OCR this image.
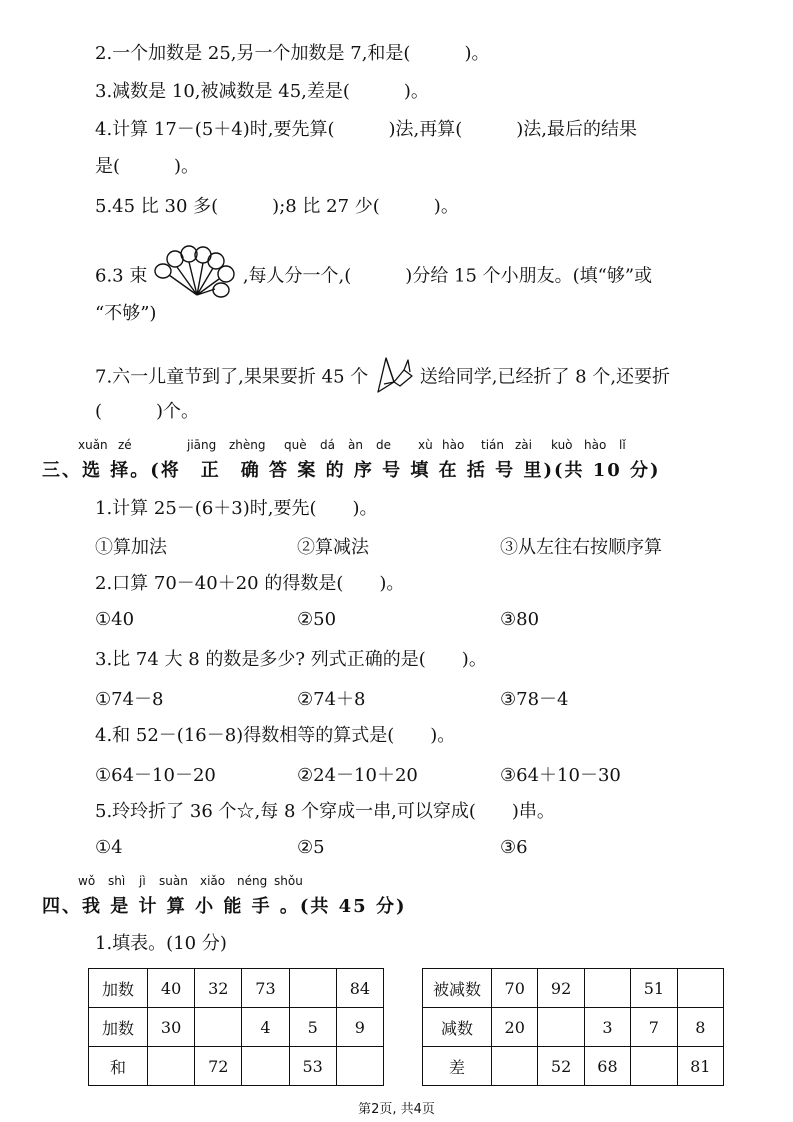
2.一个加数是 25,另一个加数是 7,和是(　　　)。
3.减数是 10,被减数是 45,差是(　　　)。
4.计算 17－(5＋4)时,要先算(　　　)法,再算(　　　)法,最后的结果
是(　　　)。
5.45 比 30 多(　　　);8 比 27 少(　　　)。
6.3 束	,每人分一个,(　　　)分给 15 个小朋友。(填“够”或
“不够”)
7.六一儿童节到了,果果要折 45 个	送给同学,已经折了 8 个,还要折
(　　　)个。
xuǎn zé	jiāng zhèng què dá àn de xù hào tián zài kuò hào lǐ
三、选 择。(将　正　确 答 案 的 序 号 填 在 括 号 里)(共 10 分)
1.计算 25－(6＋3)时,要先(　　)。
①算加法	②算减法	③从左往右按顺序算
2.口算 70－40＋20 的得数是(　　)。
①40	②50	③80
3.比 74 大 8 的数是多少? 列式正确的是(　　)。
①74－8	②74＋8	③78－4
4.和 52－(16－8)得数相等的算式是(　　)。
①64－10－20	②24－10＋20	③64＋10－30
5.玲玲折了 36 个☆,每 8 个穿成一串,可以穿成(　　)串。
①4	②5	③6
wǒ shì jì suàn xiǎo néng shǒu
四、我 是 计 算 小 能 手 。(共 45 分)
1.填表。(10 分)
加数	40	32	73		84
加数	30		4	5	9
和		72		53	
被减数	70	92		51	
减数	20		3	7	8
差		52	68		81
第2页, 共4页
